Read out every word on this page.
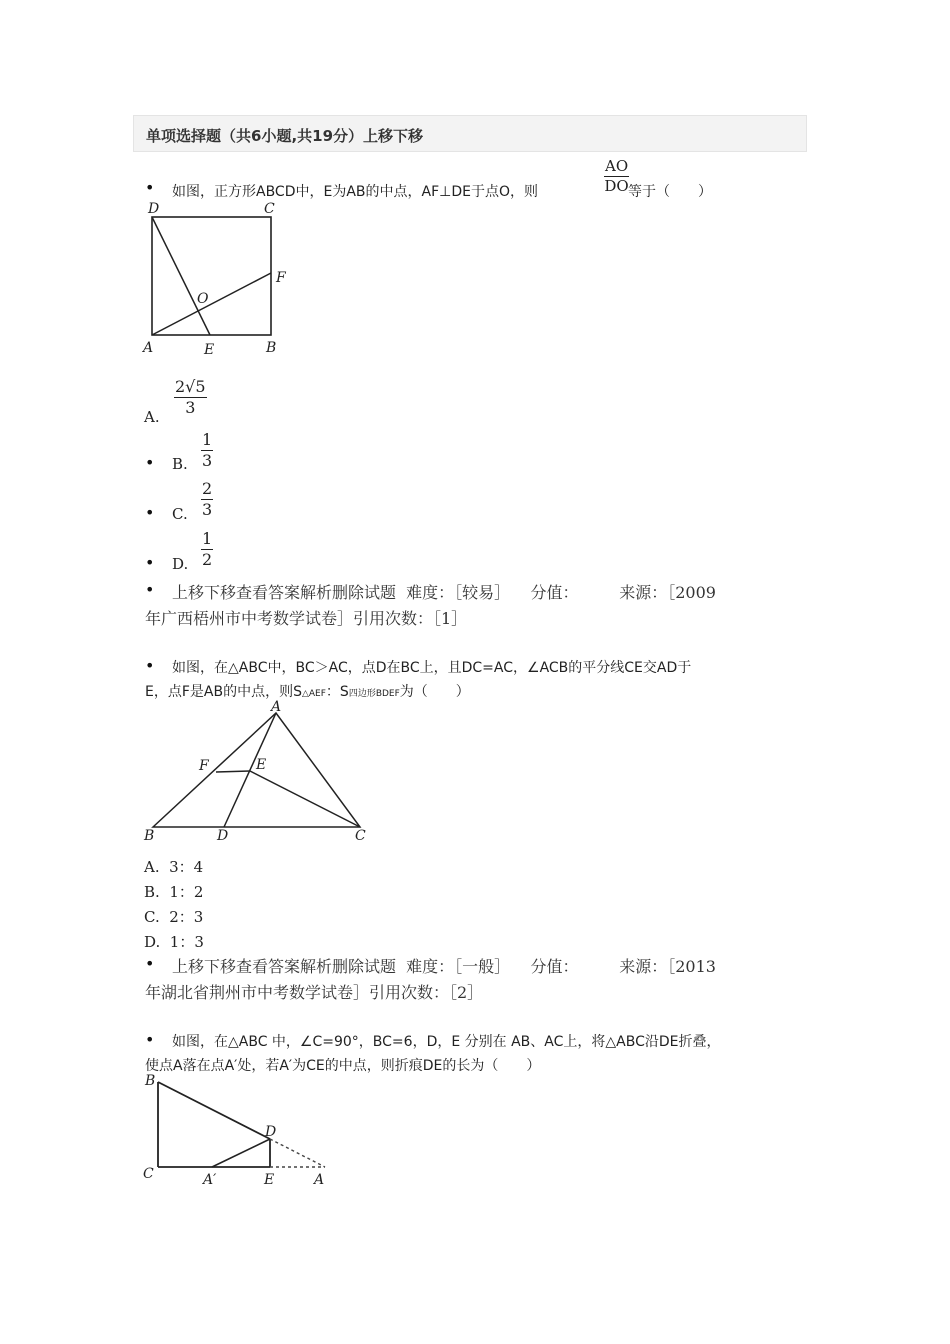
单项选择题（共6小题,共19分）上移下移
• 如图，正方形ABCD中，E为AB的中点，AF⊥DE于点O，则	$\frac{AO}{DO}$
等于（　　）
D	C
F
O
A	E	B
A.
$\frac{2√5}{3}$
• B. $\frac{1}{3}$
• C. $\frac{2}{3}$
• D. $\frac{1}{2}$
• 上移下移查看答案解析删除试题  难度：［较易］    分值：        来源：［2009
年广西梧州市中考数学试卷］引用次数：［1］
• 如图，在△ABC中，BC＞AC，点D在BC上，且DC=AC，∠ACB的平分线CE交AD于
E，点F是AB的中点，则S△AEF：S四边形BDEF为（　　）
A
F	E
B	D	C
A.  3：4
B.  1：2
C.  2：3
D.  1：3
• 上移下移查看答案解析删除试题  难度：［一般］    分值：        来源：［2013
年湖北省荆州市中考数学试卷］引用次数：［2］
• 如图，在△ABC 中，∠C=90°，BC=6，D，E 分别在 AB、AC上，将△ABC沿DE折叠，
使点A落在点A′处，若A′为CE的中点，则折痕DE的长为（　　）
B
D
C	A′	E	A
